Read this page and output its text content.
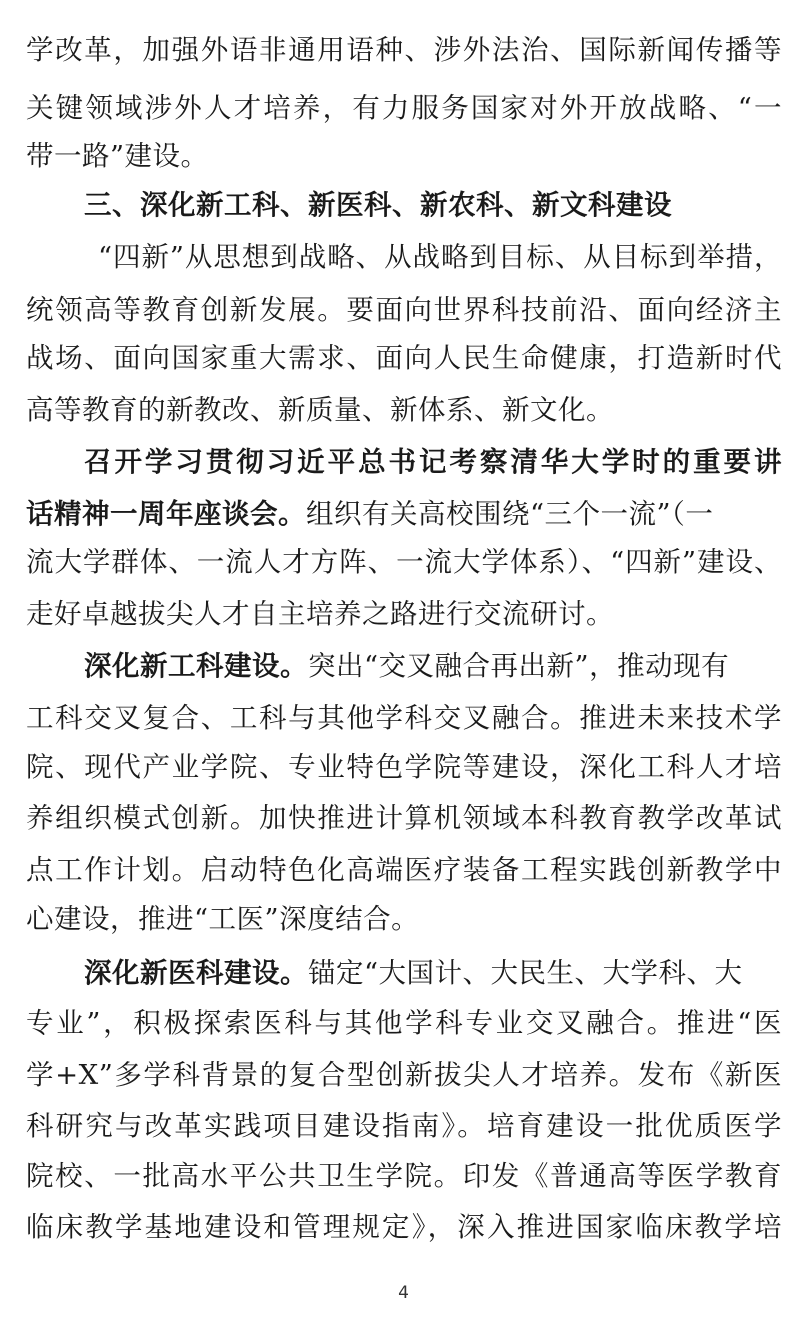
学改革，加强外语非通用语种、涉外法治、国际新闻传播等
关键领域涉外人才培养，有力服务国家对外开放战略、“一
带一路”建设。
三、深化新工科、新医科、新农科、新文科建设
“四新”从思想到战略、从战略到目标、从目标到举措，
统领高等教育创新发展。要面向世界科技前沿、面向经济主
战场、面向国家重大需求、面向人民生命健康，打造新时代
高等教育的新教改、新质量、新体系、新文化。
召开学习贯彻习近平总书记考察清华大学时的重要讲
话精神一周年座谈会。组织有关高校围绕“三个一流”（一
流大学群体、一流人才方阵、一流大学体系）、“四新”建设、
走好卓越拔尖人才自主培养之路进行交流研讨。
深化新工科建设。突出“交叉融合再出新”，推动现有
工科交叉复合、工科与其他学科交叉融合。推进未来技术学
院、现代产业学院、专业特色学院等建设，深化工科人才培
养组织模式创新。加快推进计算机领域本科教育教学改革试
点工作计划。启动特色化高端医疗装备工程实践创新教学中
心建设，推进“工医”深度结合。
深化新医科建设。锚定“大国计、大民生、大学科、大
专业”，积极探索医科与其他学科专业交叉融合。推进“医
学+X”多学科背景的复合型创新拔尖人才培养。发布《新医
科研究与改革实践项目建设指南》。培育建设一批优质医学
院校、一批高水平公共卫生学院。印发《普通高等医学教育
临床教学基地建设和管理规定》，深入推进国家临床教学培
4
